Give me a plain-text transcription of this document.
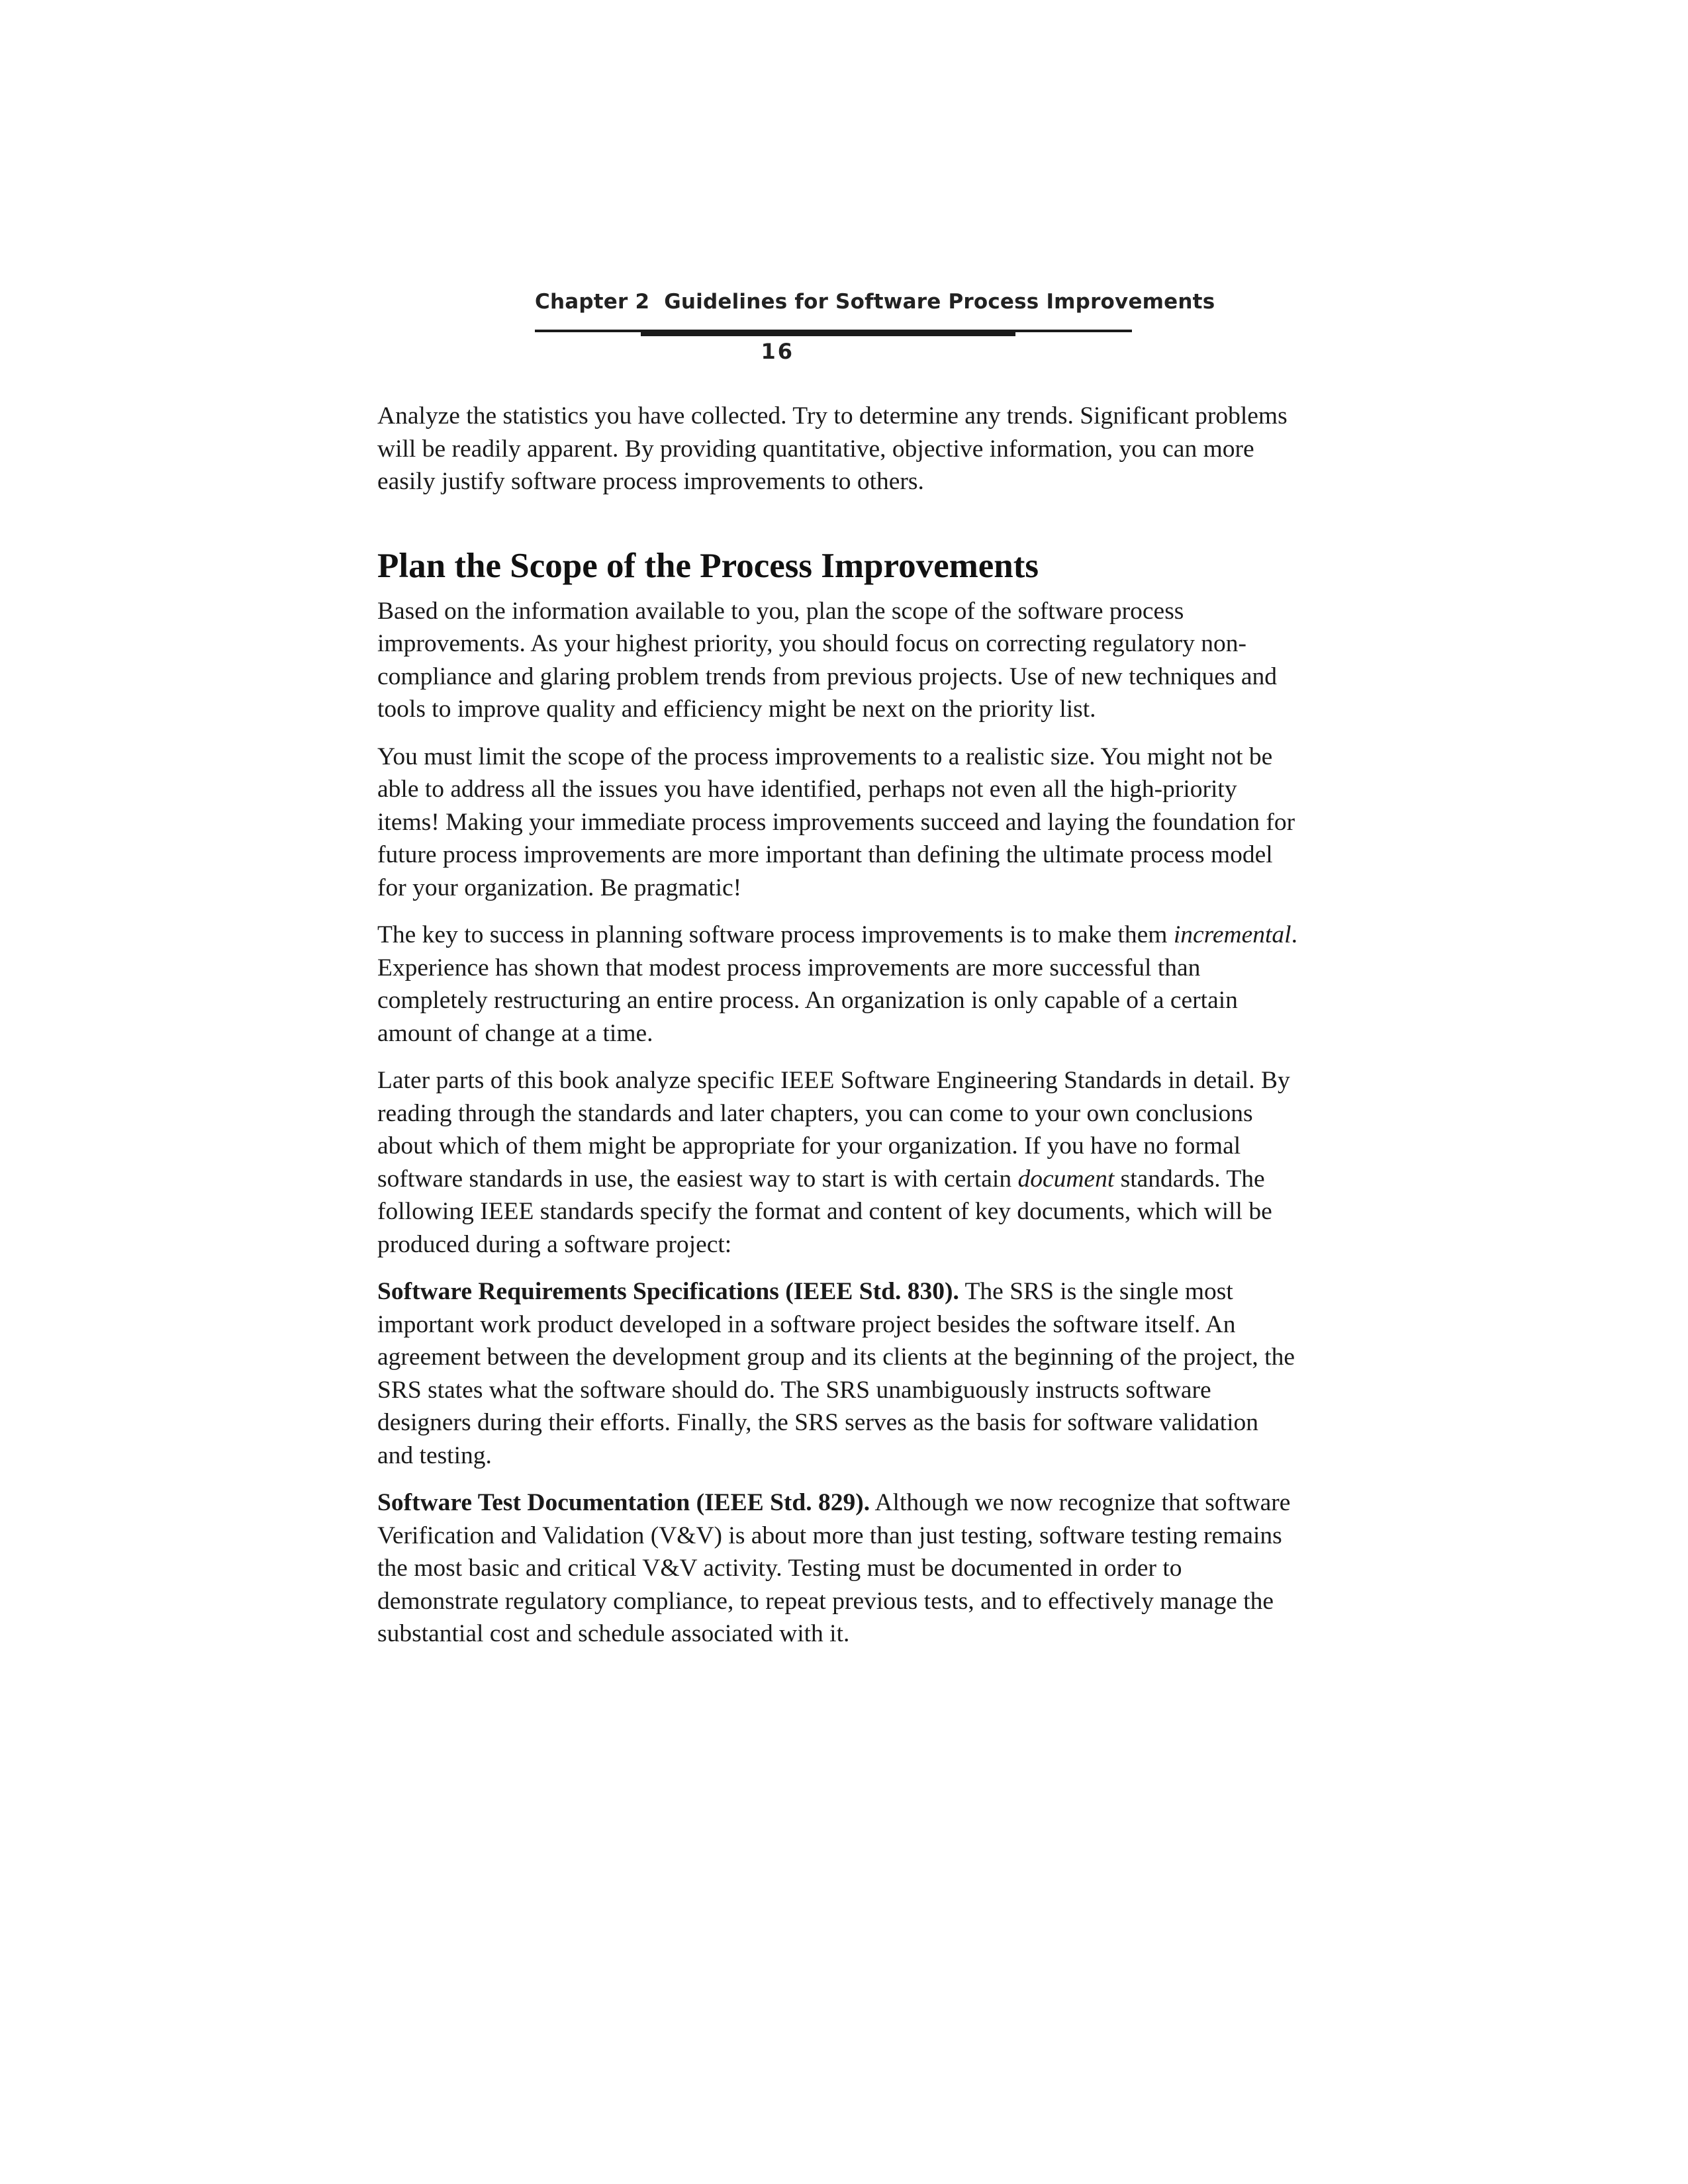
Chapter 2 Guidelines for Software Process Improvements
16

Analyze the statistics you have collected. Try to determine any trends. Significant problems will be readily apparent. By providing quantitative, objective information, you can more easily justify software process improvements to others.

Plan the Scope of the Process Improvements

Based on the information available to you, plan the scope of the software process improvements. As your highest priority, you should focus on correcting regulatory non-compliance and glaring problem trends from previous projects. Use of new techniques and tools to improve quality and efficiency might be next on the priority list.

You must limit the scope of the process improvements to a realistic size. You might not be able to address all the issues you have identified, perhaps not even all the high-priority items! Making your immediate process improvements succeed and laying the foundation for future process improvements are more important than defining the ultimate process model for your organization. Be pragmatic!

The key to success in planning software process improvements is to make them incremental. Experience has shown that modest process improvements are more successful than completely restructuring an entire process. An organization is only capable of a certain amount of change at a time.

Later parts of this book analyze specific IEEE Software Engineering Standards in detail. By reading through the standards and later chapters, you can come to your own conclusions about which of them might be appropriate for your organization. If you have no formal software standards in use, the easiest way to start is with certain document standards. The following IEEE standards specify the format and content of key documents, which will be produced during a software project:

Software Requirements Specifications (IEEE Std. 830). The SRS is the single most important work product developed in a software project besides the software itself. An agreement between the development group and its clients at the beginning of the project, the SRS states what the software should do. The SRS unambiguously instructs software designers during their efforts. Finally, the SRS serves as the basis for software validation and testing.

Software Test Documentation (IEEE Std. 829). Although we now recognize that software Verification and Validation (V&V) is about more than just testing, software testing remains the most basic and critical V&V activity. Testing must be documented in order to demonstrate regulatory compliance, to repeat previous tests, and to effectively manage the substantial cost and schedule associated with it.
